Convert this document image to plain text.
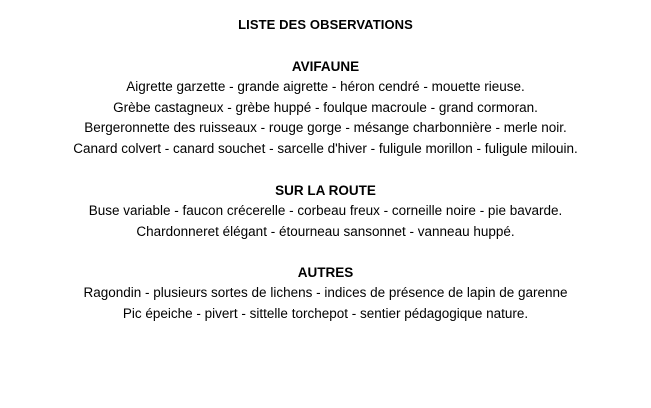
LISTE DES OBSERVATIONS

AVIFAUNE

Aigrette garzette - grande aigrette - héron cendré - mouette rieuse.

Grèbe castagneux - grèbe huppé - foulque macroule - grand cormoran.

Bergeronnette des ruisseaux - rouge gorge - mésange charbonnière - merle noir.

Canard colvert - canard souchet - sarcelle d'hiver - fuligule morillon - fuligule milouin.

SUR LA ROUTE

Buse variable - faucon crécerelle - corbeau freux - corneille noire - pie bavarde.

Chardonneret élégant - étourneau sansonnet - vanneau huppé.

AUTRES

Ragondin - plusieurs sortes de lichens - indices de présence de lapin de garenne

Pic épeiche - pivert - sittelle torchepot - sentier pédagogique nature.
